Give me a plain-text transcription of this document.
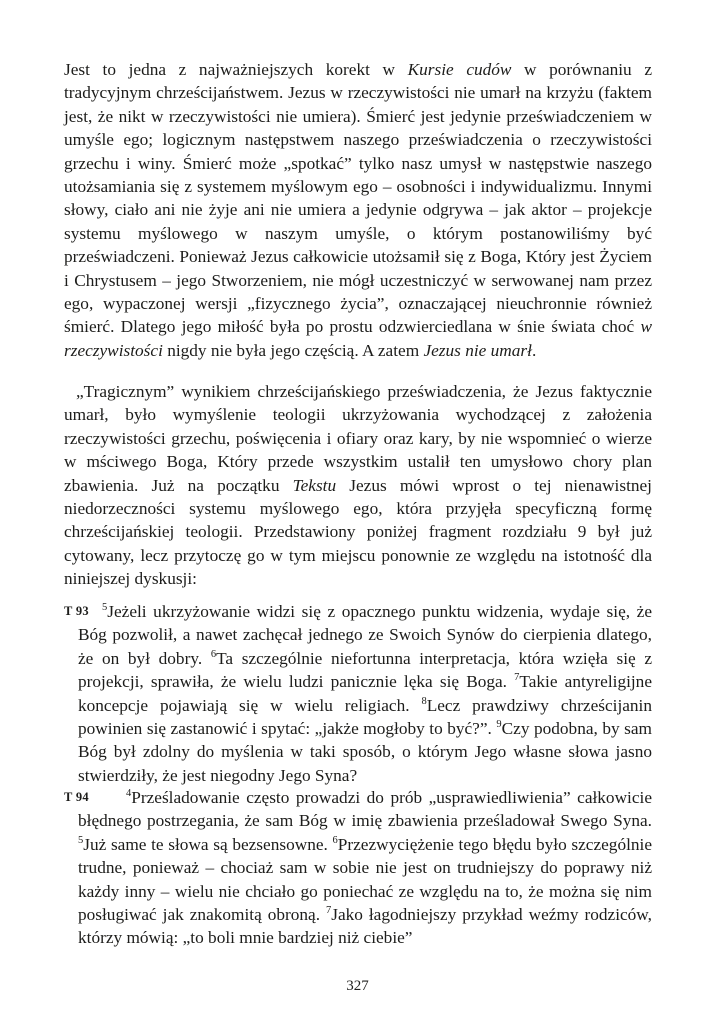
Jest to jedna z najważniejszych korekt w Kursie cudów w porównaniu z tradycyjnym chrześcijaństwem. Jezus w rzeczywistości nie umarł na krzyżu (faktem jest, że nikt w rzeczywistości nie umiera). Śmierć jest jedynie przeświadczeniem w umyśle ego; logicznym następstwem naszego przeświadczenia o rzeczywistości grzechu i winy. Śmierć może „spotkać” tylko nasz umysł w następstwie naszego utożsamiania się z systemem myślowym ego – osobności i indywidualizmu. Innymi słowy, ciało ani nie żyje ani nie umiera a jedynie odgrywa – jak aktor – projekcje systemu myślowego w naszym umyśle, o którym postanowiliśmy być przeświadczeni. Ponieważ Jezus całkowicie utożsamił się z Boga, Który jest Życiem i Chrystusem – jego Stworzeniem, nie mógł uczestniczyć w serwowanej nam przez ego, wypaczonej wersji „fizycznego życia”, oznaczającej nieuchronnie również śmierć. Dlatego jego miłość była po prostu odzwierciedlana w śnie świata choć w rzeczywistości nigdy nie była jego częścią. A zatem Jezus nie umarł.

„Tragicznym” wynikiem chrześcijańskiego przeświadczenia, że Jezus faktycznie umarł, było wymyślenie teologii ukrzyżowania wychodzącej z założenia rzeczywistości grzechu, poświęcenia i ofiary oraz kary, by nie wspomnieć o wierze w mściwego Boga, Który przede wszystkim ustalił ten umysłowo chory plan zbawienia. Już na początku Tekstu Jezus mówi wprost o tej nienawistnej niedorzeczności systemu myślowego ego, która przyjęła specyficzną formę chrześcijańskiej teologii. Przedstawiony poniżej fragment rozdziału 9 był już cytowany, lecz przytoczę go w tym miejscu ponownie ze względu na istotność dla niniejszej dyskusji:

T 93	$^5$Jeżeli ukrzyżowanie widzi się z opacznego punktu widzenia, wydaje się, że Bóg pozwolił, a nawet zachęcał jednego ze Swoich Synów do cierpienia dlatego, że on był dobry. $^6$Ta szczególnie niefortunna interpretacja, która wzięła się z projekcji, sprawiła, że wielu ludzi panicznie lęka się Boga. $^7$Takie antyreligijne koncepcje pojawiają się w wielu religiach. $^8$Lecz prawdziwy chrześcijanin powinien się zastanowić i spytać: „jakże mogłoby to być?”. $^9$Czy podobna, by sam Bóg był zdolny do myślenia w taki sposób, o którym Jego własne słowa jasno stwierdziły, że jest niegodny Jego Syna?

T 94	$^4$Prześladowanie często prowadzi do prób „usprawiedliwienia” całkowicie błędnego postrzegania, że sam Bóg w imię zbawienia prześladował Swego Syna. $^5$Już same te słowa są bezsensowne. $^6$Przezwyciężenie tego błędu było szczególnie trudne, ponieważ – chociaż sam w sobie nie jest on trudniejszy do poprawy niż każdy inny – wielu nie chciało go poniechać ze względu na to, że można się nim posługiwać jak znakomitą obroną. $^7$Jako łagodniejszy przykład weźmy rodziców, którzy mówią: „to boli mnie bardziej niż ciebie”

327
